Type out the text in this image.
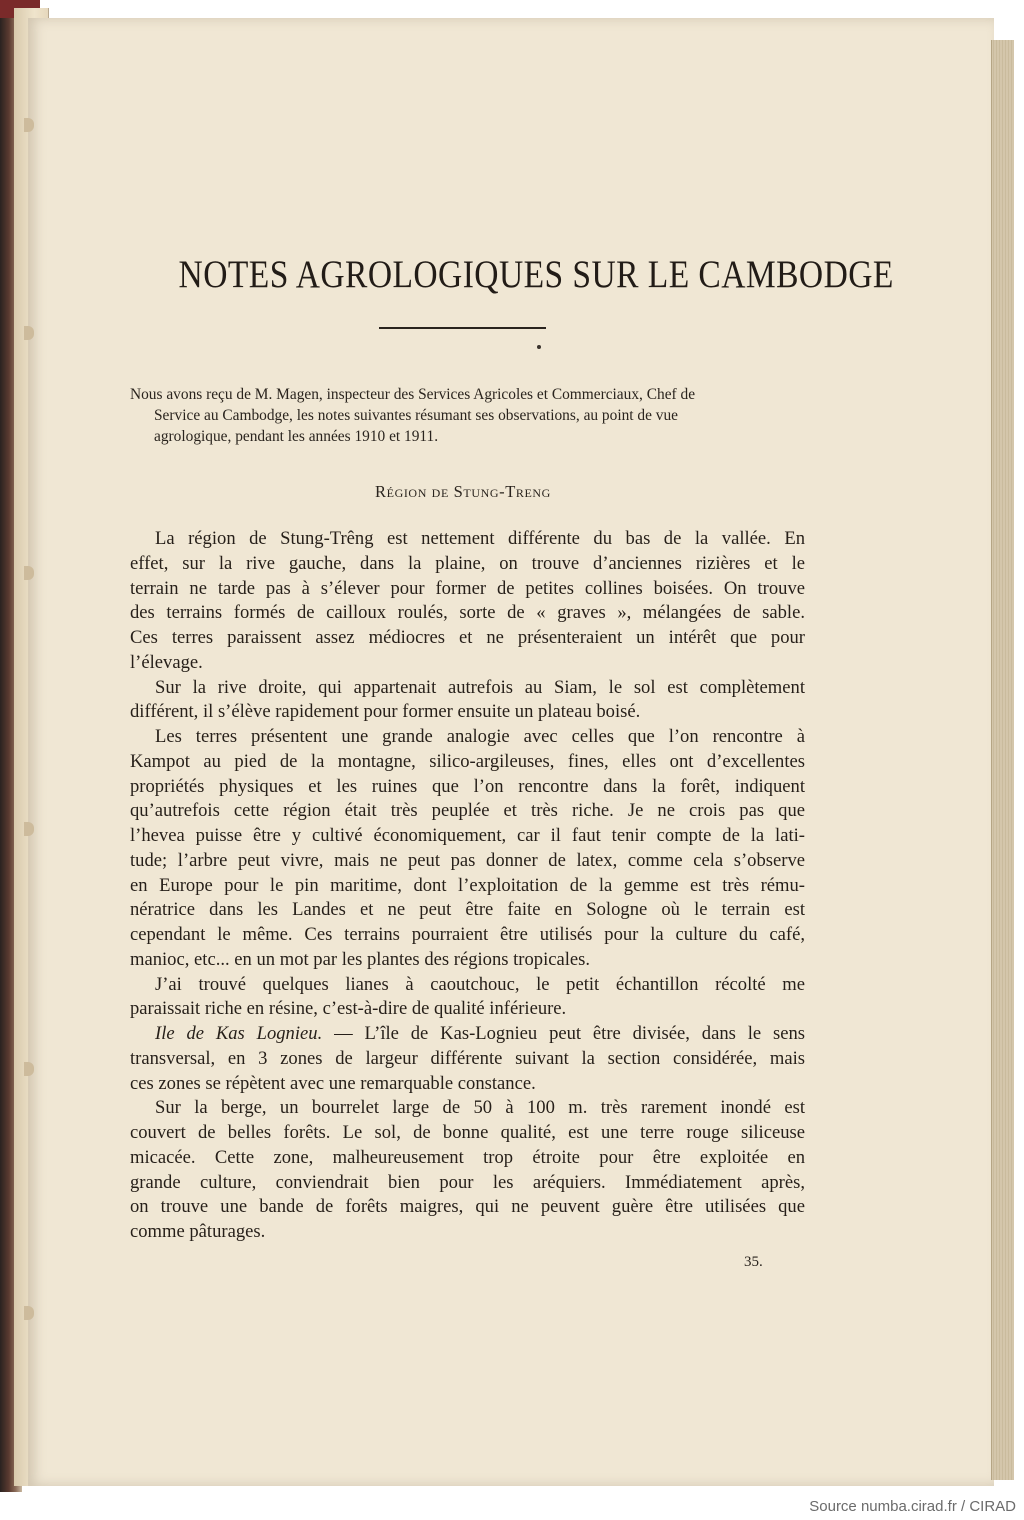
NOTES AGROLOGIQUES SUR LE CAMBODGE
Nous avons reçu de M. Magen, inspecteur des Services Agricoles et Commerciaux, Chef de
Service au Cambodge, les notes suivantes résumant ses observations, au point de vue
agrologique, pendant les années 1910 et 1911.
Région de Stung-Treng
La région de Stung-Trêng est nettement différente du bas de la vallée. En
effet, sur la rive gauche, dans la plaine, on trouve d’anciennes rizières et le
terrain ne tarde pas à s’élever pour former de petites collines boisées. On trouve
des terrains formés de cailloux roulés, sorte de « graves », mélangées de sable.
Ces terres paraissent assez médiocres et ne présenteraient un intérêt que pour
l’élevage.
Sur la rive droite, qui appartenait autrefois au Siam, le sol est complètement
différent, il s’élève rapidement pour former ensuite un plateau boisé.
Les terres présentent une grande analogie avec celles que l’on rencontre à
Kampot au pied de la montagne, silico-argileuses, fines, elles ont d’excellentes
propriétés physiques et les ruines que l’on rencontre dans la forêt, indiquent
qu’autrefois cette région était très peuplée et très riche. Je ne crois pas que
l’hevea puisse être y cultivé économiquement, car il faut tenir compte de la lati-
tude; l’arbre peut vivre, mais ne peut pas donner de latex, comme cela s’observe
en Europe pour le pin maritime, dont l’exploitation de la gemme est très rému-
nératrice dans les Landes et ne peut être faite en Sologne où le terrain est
cependant le même. Ces terrains pourraient être utilisés pour la culture du café,
manioc, etc... en un mot par les plantes des régions tropicales.
J’ai trouvé quelques lianes à caoutchouc, le petit échantillon récolté me
paraissait riche en résine, c’est-à-dire de qualité inférieure.
Ile de Kas Lognieu. — L’île de Kas-Lognieu peut être divisée, dans le sens
transversal, en 3 zones de largeur différente suivant la section considérée, mais
ces zones se répètent avec une remarquable constance.
Sur la berge, un bourrelet large de 50 à 100 m. très rarement inondé est
couvert de belles forêts. Le sol, de bonne qualité, est une terre rouge siliceuse
micacée. Cette zone, malheureusement trop étroite pour être exploitée en
grande culture, conviendrait bien pour les aréquiers. Immédiatement après,
on trouve une bande de forêts maigres, qui ne peuvent guère être utilisées que
comme pâturages.
35.
Source numba.cirad.fr / CIRAD
